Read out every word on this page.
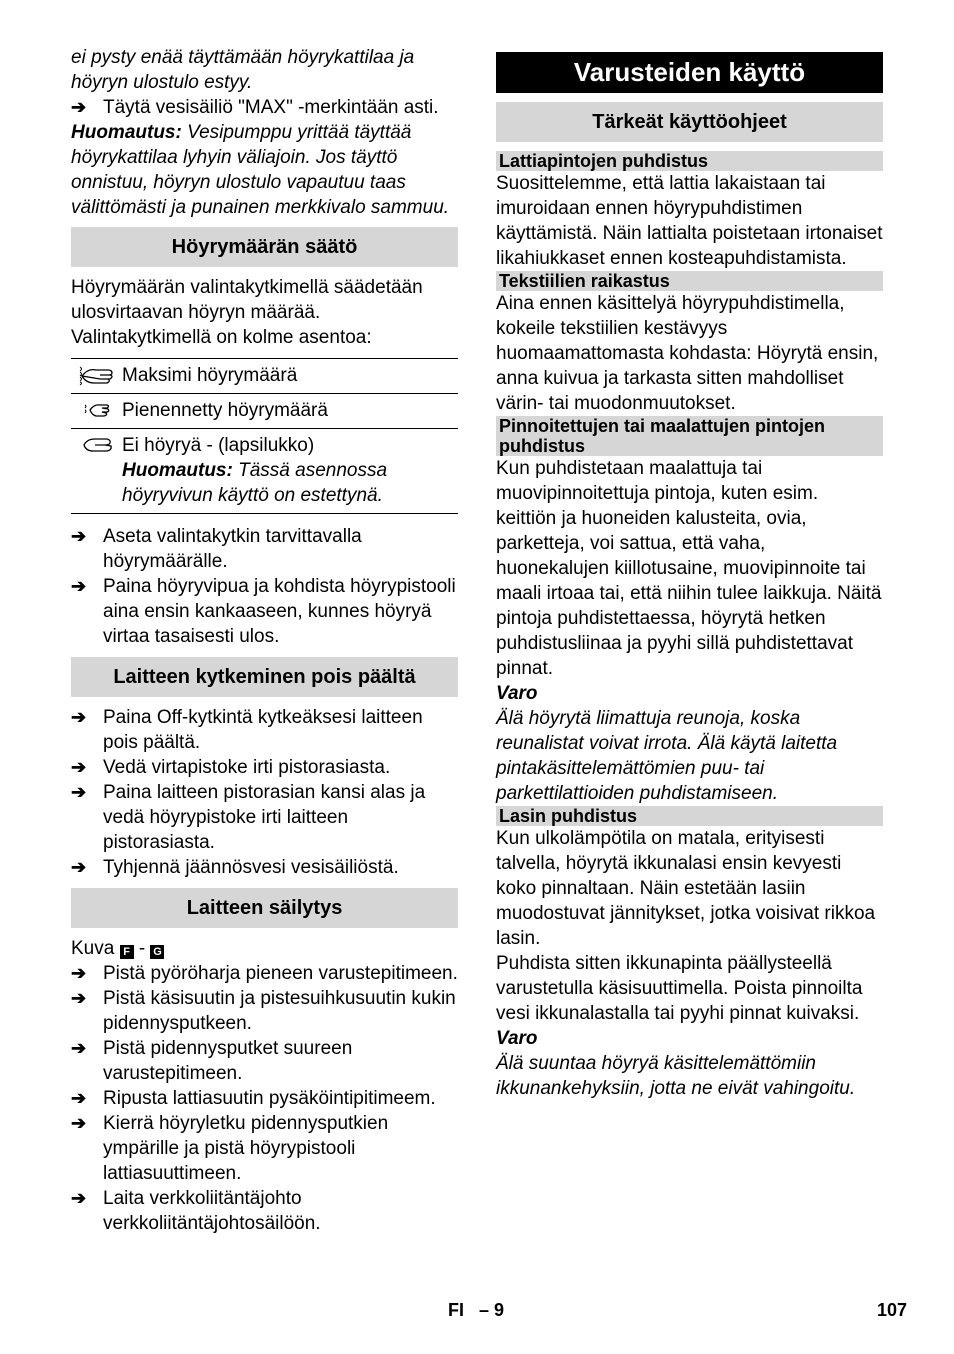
ei pysty enää täyttämään höyrykattilaa ja

höyryn ulostulo estyy.

➔ Täytä vesisäiliö "MAX" -merkintään asti.

Huomautus: Vesipumppu yrittää täyttää höyrykattilaa lyhyin väliajoin. Jos täyttö onnistuu, höyryn ulostulo vapautuu taas välittömästi ja punainen merkkivalo sammuu.

Höyrymäärän säätö

Höyrymäärän valintakytkimellä säädetään ulosvirtaavan höyryn määrää. Valintakytkimellä on kolme asentoa:

Maksimi höyrymäärä
Pienennetty höyrymäärä
Ei höyryä - (lapsilukko)
Huomautus: Tässä asennossa höyryvivun käyttö on estettynä.
➔ Aseta valintakytkin tarvittavalla höyrymäärälle.
➔ Paina höyryvipua ja kohdista höyrypistooli aina ensin kankaaseen, kunnes höyryä virtaa tasaisesti ulos.
Laitteen kytkeminen pois päältä
➔ Paina Off-kytkintä kytkeäksesi laitteen pois päältä.
➔ Vedä virtapistoke irti pistorasiasta.
➔ Paina laitteen pistorasian kansi alas ja vedä höyrypistoke irti laitteen pistorasiasta.
➔ Tyhjennä jäännösvesi vesisäiliöstä.
Laitteen säilytys

Kuva F - G

➔ Pistä pyöröharja pieneen varustepitimeen.
➔ Pistä käsisuutin ja pistesuihkusuutin kukin pidennysputkeen.
➔ Pistä pidennysputket suureen varustepitimeen.
➔ Ripusta lattiasuutin pysäköintipitimeem.
➔ Kierrä höyryletku pidennysputkien ympärille ja pistä höyrypistooli lattiasuuttimeen.
➔ Laita verkkoliitäntäjohto verkkoliitäntäjohtosäilöön.
Varusteiden käyttö
Tärkeät käyttöohjeet
Lattiapintojen puhdistus

Suosittelemme, että lattia lakaistaan tai imuroidaan ennen höyrypuhdistimen käyttämistä. Näin lattialta poistetaan irtonaiset likahiukkaset ennen kosteapuhdistamista.

Tekstiilien raikastus

Aina ennen käsittelyä höyrypuhdistimella, kokeile tekstiilien kestävyys huomaamattomasta kohdasta: Höyrytä ensin, anna kuivua ja tarkasta sitten mahdolliset värin- tai muodonmuutokset.

Pinnoitettujen tai maalattujen pintojen puhdistus

Kun puhdistetaan maalattuja tai muovipinnoitettuja pintoja, kuten esim. keittiön ja huoneiden kalusteita, ovia, parketteja, voi sattua, että vaha, huonekalujen kiillotusaine, muovipinnoite tai maali irtoaa tai, että niihin tulee laikkuja. Näitä pintoja puhdistettaessa, höyrytä hetken puhdistusliinaa ja pyyhi sillä puhdistettavat pinnat.

Varo

Älä höyrytä liimattuja reunoja, koska reunalistat voivat irrota. Älä käytä laitetta pintakäsittelemättömien puu- tai parkettilattioiden puhdistamiseen.

Lasin puhdistus

Kun ulkolämpötila on matala, erityisesti talvella, höyrytä ikkunalasi ensin kevyesti koko pinnaltaan. Näin estetään lasiin muodostuvat jännitykset, jotka voisivat rikkoa lasin.

Puhdista sitten ikkunapinta päällysteellä varustetulla käsisuuttimella. Poista pinnoilta vesi ikkunalastalla tai pyyhi pinnat kuivaksi.

Varo

Älä suuntaa höyryä käsittelemättömiin ikkunankehyksiin, jotta ne eivät vahingoitu.

FI   – 9	107
